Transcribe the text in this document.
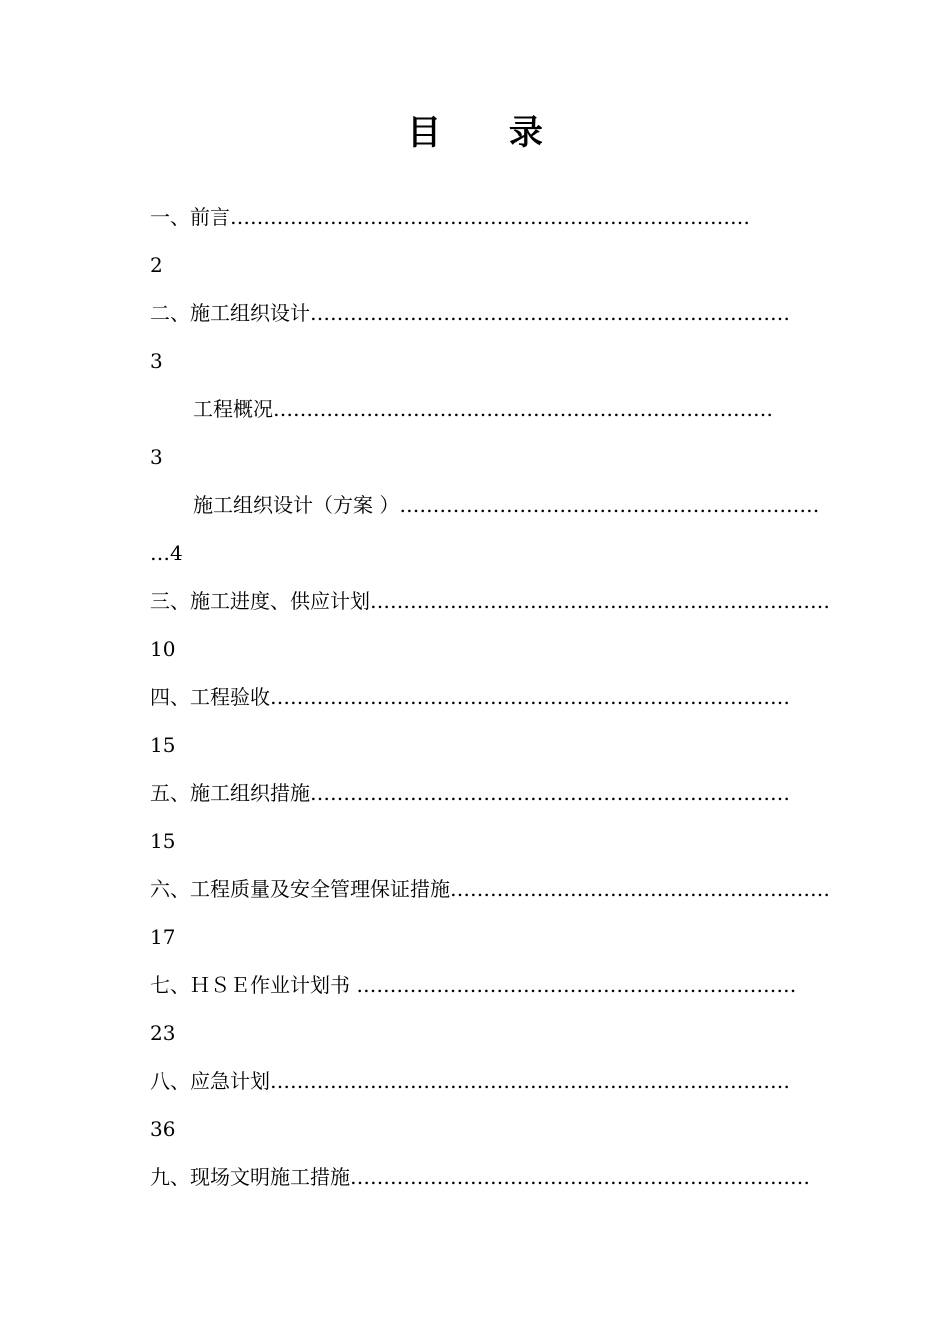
目 录
一、前言……………………………………………………………………
2
二、施工组织设计………………………………………………………………
3
工程概况…………………………………………………………………
3
施工组织设计（方案 ）………………………………………………………
…4
三、施工进度、供应计划……………………………………………………………
10
四、工程验收……………………………………………………………………
15
五、施工组织措施………………………………………………………………
15
六、工程质量及安全管理保证措施…………………………………………………
17
七、ＨＳＥ作业计划书 …………………………………………………………
23
八、应急计划……………………………………………………………………
36
九、现场文明施工措施……………………………………………………………
